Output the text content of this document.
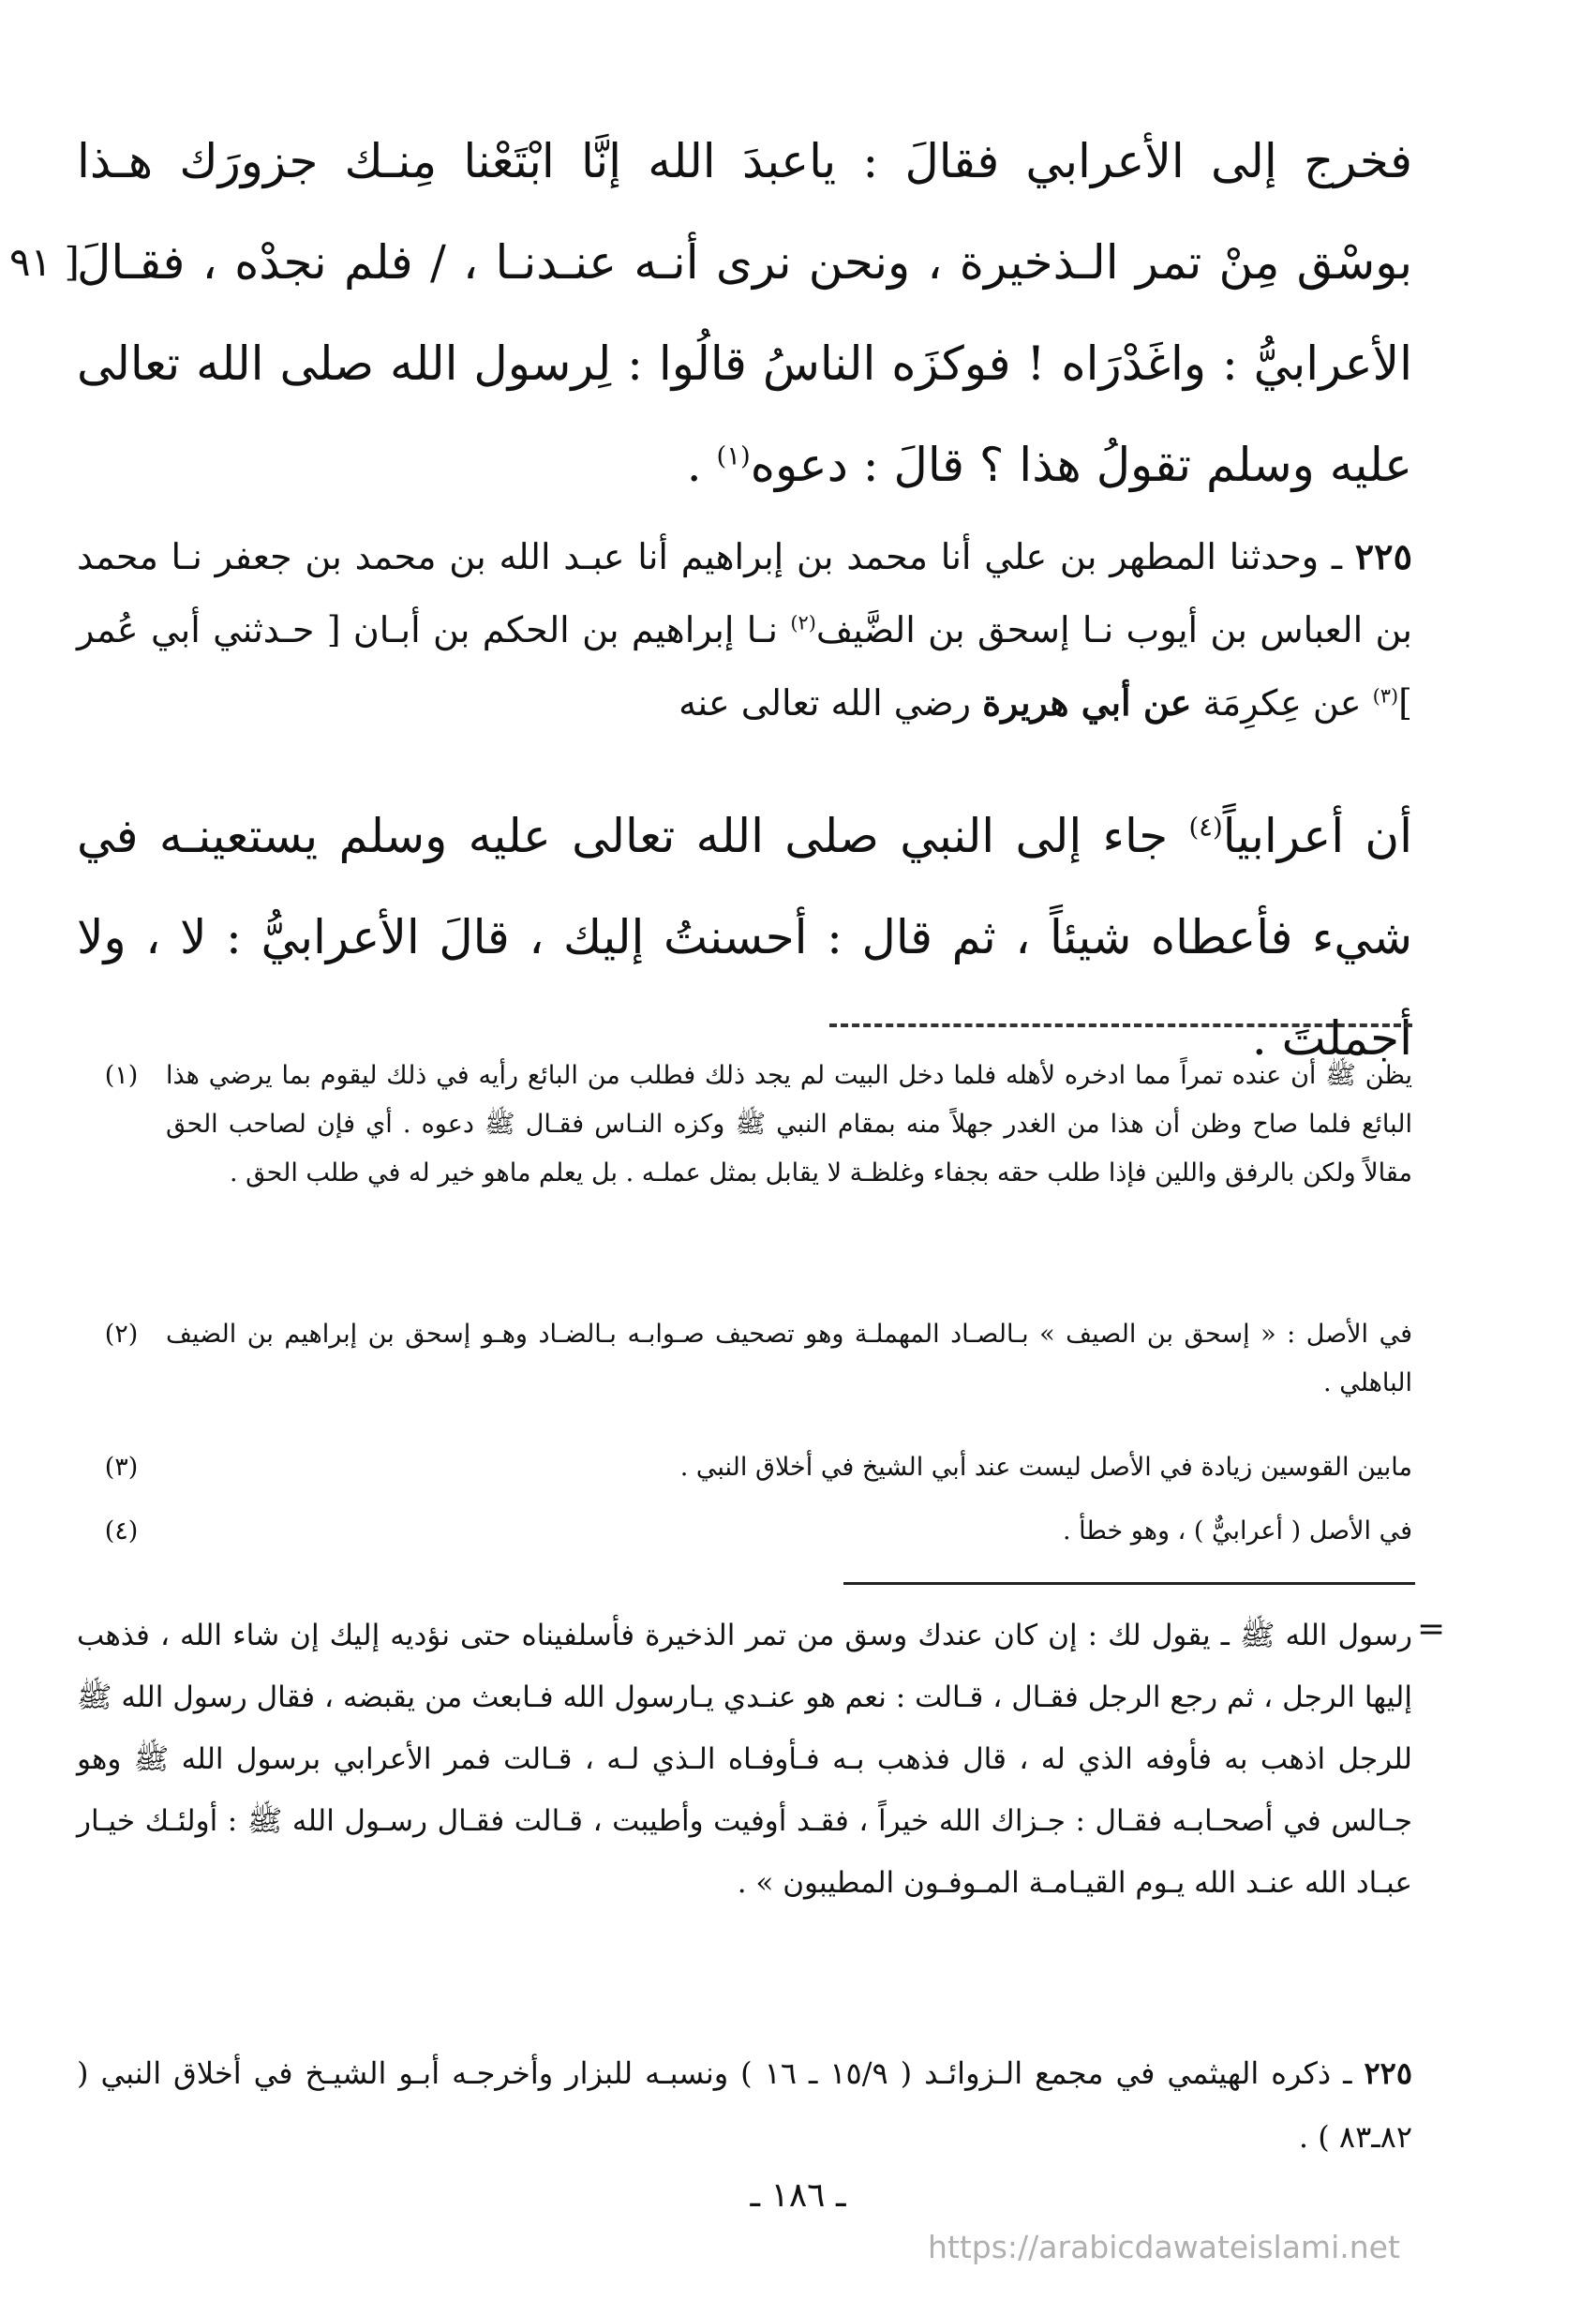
فخرج إلى الأعرابي فقالَ : ياعبدَ الله إنَّا ابْتَعْنا مِنـك جزورَك هـذا بوسْق مِنْ تمر الـذخيرة ، ونحن نرى أنـه عنـدنـا ، / فلم نجدْه ، فقـالَ الأعرابيُّ : واغَدْرَاه ! فوكزَه الناسُ قالُوا : لِرسول الله صلى الله تعالى عليه وسلم تقولُ هذا ؟ قالَ : دعوه$^{(١)}$ .
[ ٩١
٢٢٥ ـ وحدثنا المطهر بن علي أنا محمد بن إبراهيم أنا عبـد الله بن محمد بن جعفر نـا محمد بن العباس بن أيوب نـا إسحق بن الضَّيف$^{(٢)}$ نـا إبراهيم بن الحكم بن أبـان [ حـدثني أبي عُمر ]$^{(٣)}$ عن عِكرِمَة عن أبي هريرة رضي الله تعالى عنه
أن أعرابياً$^{(٤)}$ جاء إلى النبي صلى الله تعالى عليه وسلم يستعينـه في شيء فأعطاه شيئاً ، ثم قال : أحسنتُ إليك ، قالَ الأعرابيُّ : لا ، ولا أجملتَ .
(١)	يظن ﷺ أن عنده تمراً مما ادخره لأهله فلما دخل البيت لم يجد ذلك فطلب من البائع رأيه في ذلك ليقوم بما يرضي هذا البائع فلما صاح وظن أن هذا من الغدر جهلاً منه بمقام النبي ﷺ وكزه النـاس فقـال ﷺ دعوه . أي فإن لصاحب الحق مقالاً ولكن بالرفق واللين فإذا طلب حقه بجفاء وغلظـة لا يقابل بمثل عملـه . بل يعلم ماهو خير له في طلب الحق .
(٢)	في الأصل : « إسحق بن الصيف » بـالصـاد المهملـة وهو تصحيف صـوابـه بـالضـاد وهـو إسحق بن إبراهيم بن الضيف الباهلي .
(٣)	مابين القوسين زيادة في الأصل ليست عند أبي الشيخ في أخلاق النبي .
(٤)	في الأصل ( أعرابيٌّ ) ، وهو خطأ .
=
رسول الله ﷺ ـ يقول لك : إن كان عندك وسق من تمر الذخيرة فأسلفيناه حتى نؤديه إليك إن شاء الله ، فذهب إليها الرجل ، ثم رجع الرجل فقـال ، قـالت : نعم هو عنـدي يـارسول الله فـابعث من يقبضه ، فقال رسول الله ﷺ للرجل اذهب به فأوفه الذي له ، قال فذهب بـه فـأوفـاه الـذي لـه ، قـالت فمر الأعرابي برسول الله ﷺ وهو جـالس في أصحـابـه فقـال : جـزاك الله خيراً ، فقـد أوفيت وأطيبت ، قـالت فقـال رسـول الله ﷺ : أولئـك خيـار عبـاد الله عنـد الله يـوم القيـامـة المـوفـون المطيبون » .
٢٢٥ ـ ذكره الهيثمي في مجمع الـزوائـد ( ١٥/٩ ـ ١٦ ) ونسبـه للبزار وأخرجـه أبـو الشيـخ في أخلاق النبي ( ٨٢ـ٨٣ ) .
ـ ١٨٦ ـ
https://arabicdawateislami.net
